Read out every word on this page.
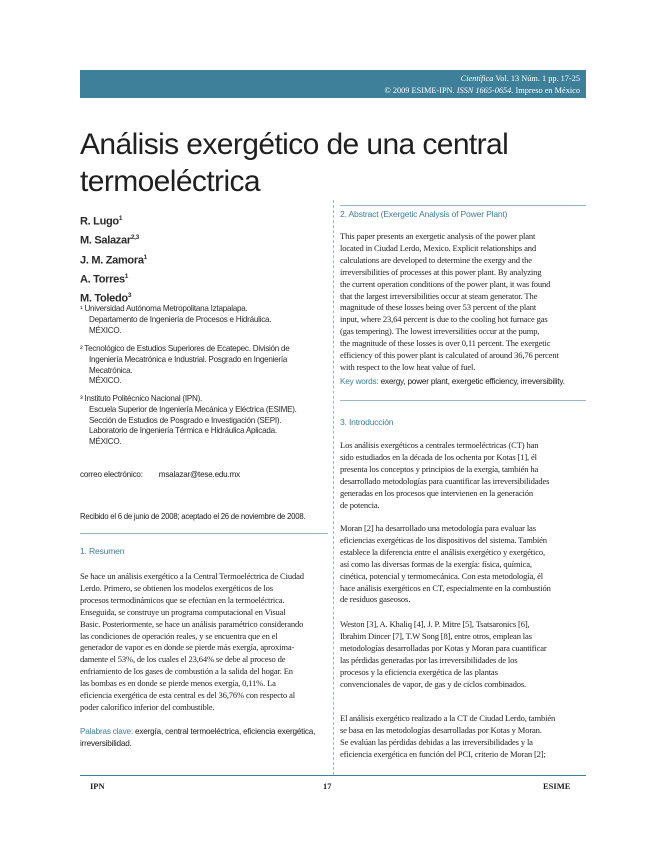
Científica Vol. 13 Núm. 1 pp. 17-25
© 2009 ESIME-IPN. ISSN 1665-0654. Impreso en México
Análisis exergético de una central
termoeléctrica
R. Lugo$^1$
M. Salazar$^{2,3}$
J. M. Zamora$^1$
A. Torres$^1$
M. Toledo$^3$
¹ Universidad Autónoma Metropolitana Iztapalapa.
Departamento de Ingeniería de Procesos e Hidráulica.
MÉXICO.
² Tecnológico de Estudios Superiores de Ecatepec. División de
Ingeniería Mecatrónica e Industrial. Posgrado en Ingeniería
Mecatrónica.
MÉXICO.
³ Instituto Politécnico Nacional (IPN).
Escuela Superior de Ingeniería Mecánica y Eléctrica (ESIME).
Sección de Estudios de Posgrado e Investigación (SEPI).
Laboratorio de Ingeniería Térmica e Hidráulica Aplicada.
MÉXICO.
correo electrónico: msalazar@tese.edu.mx
Recibido el 6 de junio de 2008; aceptado el 26 de noviembre de 2008.
1. Resumen
Se hace un análisis exergético a la Central Termoeléctrica de Ciudad
Lerdo. Primero, se obtienen los modelos exergéticos de los
procesos termodinámicos que se efectúan en la termoeléctrica.
Enseguida, se construye un programa computacional en Visual
Basic. Posteriormente, se hace un análisis paramétrico considerando
las condiciones de operación reales, y se encuentra que en el
generador de vapor es en donde se pierde más exergía, aproxima-
damente el 53%, de los cuales el 23,64% se debe al proceso de
enfriamiento de los gases de combustión a la salida del hogar. En
las bombas es en donde se pierde menos exergía, 0,11%. La
eficiencia exergética de esta central es del 36,76% con respecto al
poder calorífico inferior del combustible.
Palabras clave: exergía, central termoeléctrica, eficiencia exergética,
irreversibilidad.
2. Abstract (Exergetic Analysis of Power Plant)
This paper presents an exergetic analysis of the power plant
located in Ciudad Lerdo, Mexico. Explicit relationships and
calculations are developed to determine the exergy and the
irreversibilities of processes at this power plant. By analyzing
the current operation conditions of the power plant, it was found
that the largest irreversibilities occur at steam generator. The
magnitude of these losses being over 53 percent of the plant
input, where 23,64 percent is due to the cooling hot furnace gas
(gas tempering). The lowest irreversilities occur at the pump,
the magnitude of these losses is over 0,11 percent. The exergetic
efficiency of this power plant is calculated of around 36,76 percent
with respect to the low heat value of fuel.
Key words: exergy, power plant, exergetic efficiency, irreversibility.
3. Introducción
Los análisis exergéticos a centrales termoeléctricas (CT) han
sido estudiados en la década de los ochenta por Kotas [1], él
presenta los conceptos y principios de la exergía, también ha
desarrollado metodologías para cuantificar las irreversibilidades
generadas en los procesos que intervienen en la generación
de potencia.
Moran [2] ha desarrollado una metodología para evaluar las
eficiencias exergéticas de los dispositivos del sistema. También
establece la diferencia entre el análisis exergético y exergético,
así como las diversas formas de la exergía: física, química,
cinética, potencial y termomecánica. Con esta metodología, él
hace análisis exergéticos en CT, especialmente en la combustión
de residuos gaseosos.
Weston [3], A. Khaliq [4], J. P. Mitre [5], Tsatsaronics [6],
Ibrahim Dincer [7], T.W Song [8], entre otros, emplean las
metodologías desarrolladas por Kotas y Moran para cuantificar
las pérdidas generadas por las irreversibilidades de los
procesos y la eficiencia exergética de las plantas
convencionales de vapor, de gas y de ciclos combinados.
El análisis exergético realizado a la CT de Ciudad Lerdo, también
se basa en las metodologías desarrolladas por Kotas y Moran.
Se evalúan las pérdidas debidas a las irreversibilidades y la
eficiencia exergética en función del PCI, criterio de Moran [2];
IPN	17	ESIME
